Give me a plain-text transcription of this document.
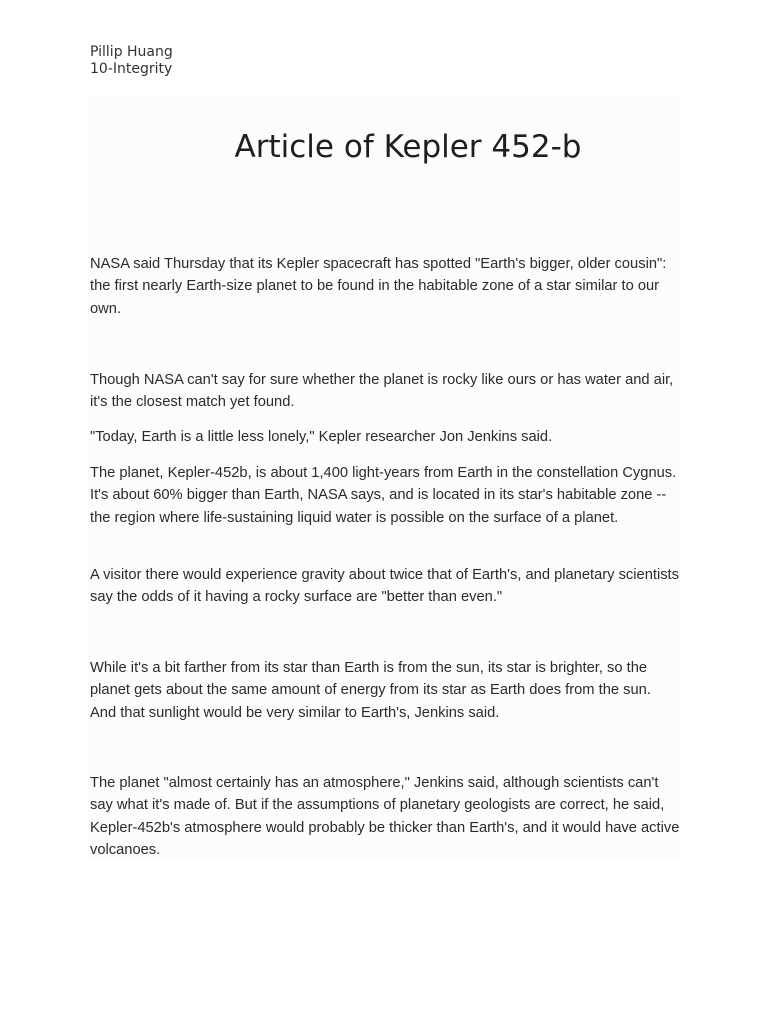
Pillip Huang
10-Integrity
Article of Kepler 452-b

NASA said Thursday that its Kepler spacecraft has spotted "Earth's bigger, older cousin": the first nearly Earth-size planet to be found in the habitable zone of a star similar to our own.

Though NASA can't say for sure whether the planet is rocky like ours or has water and air, it's the closest match yet found.

"Today, Earth is a little less lonely," Kepler researcher Jon Jenkins said.

The planet, Kepler-452b, is about 1,400 light-years from Earth in the constellation Cygnus. It's about 60% bigger than Earth, NASA says, and is located in its star's habitable zone -- the region where life-sustaining liquid water is possible on the surface of a planet.

A visitor there would experience gravity about twice that of Earth's, and planetary scientists say the odds of it having a rocky surface are "better than even."

While it's a bit farther from its star than Earth is from the sun, its star is brighter, so the planet gets about the same amount of energy from its star as Earth does from the sun. And that sunlight would be very similar to Earth's, Jenkins said.

The planet "almost certainly has an atmosphere," Jenkins said, although scientists can't say what it's made of. But if the assumptions of planetary geologists are correct, he said, Kepler-452b's atmosphere would probably be thicker than Earth's, and it would have active volcanoes.
